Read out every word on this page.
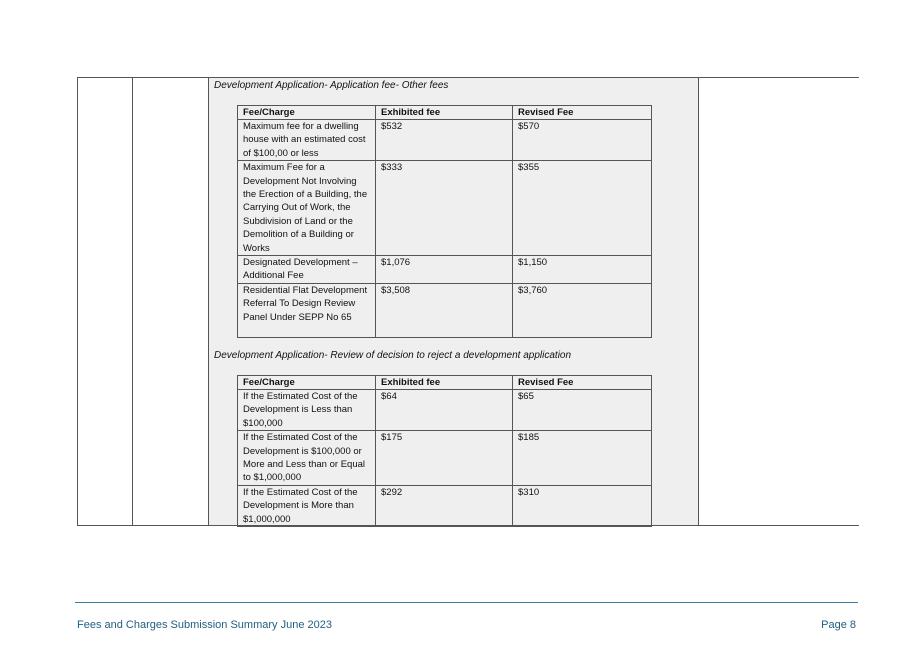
Development Application- Application fee- Other fees
Fee/Charge	Exhibited fee	Revised Fee
Maximum fee for a dwelling house with an estimated cost of $100,00 or less	$532	$570
Maximum Fee for a Development Not Involving the Erection of a Building, the Carrying Out of Work, the Subdivision of Land or the Demolition of a Building or Works	$333	$355
Designated Development – Additional Fee	$1,076	$1,150
Residential Flat Development Referral To Design Review Panel Under SEPP No 65	$3,508	$3,760
Development Application- Review of decision to reject a development application
Fee/Charge	Exhibited fee	Revised Fee
If the Estimated Cost of the Development is Less than $100,000	$64	$65
If the Estimated Cost of the Development is $100,000 or More and Less than or Equal to $1,000,000	$175	$185
If the Estimated Cost of the Development is More than $1,000,000	$292	$310
Fees and Charges Submission Summary June 2023	Page 8
